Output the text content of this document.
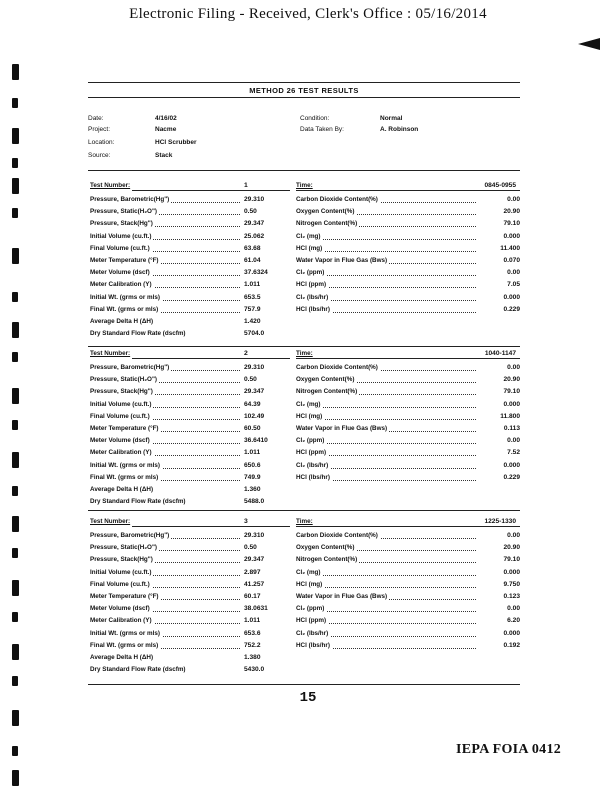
Electronic Filing - Received, Clerk's Office : 05/16/2014
METHOD 26 TEST RESULTS
Date:	4/16/02	Condition:	Normal
Project:	Nacme	Data Taken By:	A. Robinson
Location:	HCl Scrubber
Source:	Stack
Test Number:	1	Time:	0845-0955
Pressure, Barometric(Hg")	29.310
Pressure, Static(H₂O")	0.50
Pressure, Stack(Hg")	29.347
Initial Volume (cu.ft.)	25.062
Final Volume (cu.ft.)	63.68
Meter Temperature (°F)	61.04
Meter Volume (dscf)	37.6324
Meter Calibration (Y)	1.011
Initial Wt. (grms or mls)	653.5
Final Wt. (grms or mls)	757.9
Average Delta H (ΔH)	1.420
Dry Standard Flow Rate (dscfm)	5704.0
Carbon Dioxide Content(%)	0.00
Oxygen Content(%)	20.90
Nitrogen Content(%)	79.10
Cl₂ (mg)	0.000
HCl (mg)	11.400
Water Vapor in Flue Gas (Bws)	0.070
Cl₂ (ppm)	0.00
HCl (ppm)	7.05
Cl₂ (lbs/hr)	0.000
HCl (lbs/hr)	0.229
Test Number:	2	Time:	1040-1147
Pressure, Barometric(Hg")	29.310
Pressure, Static(H₂O")	0.50
Pressure, Stack(Hg")	29.347
Initial Volume (cu.ft.)	64.39
Final Volume (cu.ft.)	102.49
Meter Temperature (°F)	60.50
Meter Volume (dscf)	36.6410
Meter Calibration (Y)	1.011
Initial Wt. (grms or mls)	650.6
Final Wt. (grms or mls)	749.9
Average Delta H (ΔH)	1.360
Dry Standard Flow Rate (dscfm)	5488.0
Carbon Dioxide Content(%)	0.00
Oxygen Content(%)	20.90
Nitrogen Content(%)	79.10
Cl₂ (mg)	0.000
HCl (mg)	11.800
Water Vapor in Flue Gas (Bws)	0.113
Cl₂ (ppm)	0.00
HCl (ppm)	7.52
Cl₂ (lbs/hr)	0.000
HCl (lbs/hr)	0.229
Test Number:	3	Time:	1225-1330
Pressure, Barometric(Hg")	29.310
Pressure, Static(H₂O")	0.50
Pressure, Stack(Hg")	29.347
Initial Volume (cu.ft.)	2.897
Final Volume (cu.ft.)	41.257
Meter Temperature (°F)	60.17
Meter Volume (dscf)	38.0631
Meter Calibration (Y)	1.011
Initial Wt. (grms or mls)	653.6
Final Wt. (grms or mls)	752.2
Average Delta H (ΔH)	1.380
Dry Standard Flow Rate (dscfm)	5430.0
Carbon Dioxide Content(%)	0.00
Oxygen Content(%)	20.90
Nitrogen Content(%)	79.10
Cl₂ (mg)	0.000
HCl (mg)	9.750
Water Vapor in Flue Gas (Bws)	0.123
Cl₂ (ppm)	0.00
HCl (ppm)	6.20
Cl₂ (lbs/hr)	0.000
HCl (lbs/hr)	0.192
15
IEPA FOIA 0412
